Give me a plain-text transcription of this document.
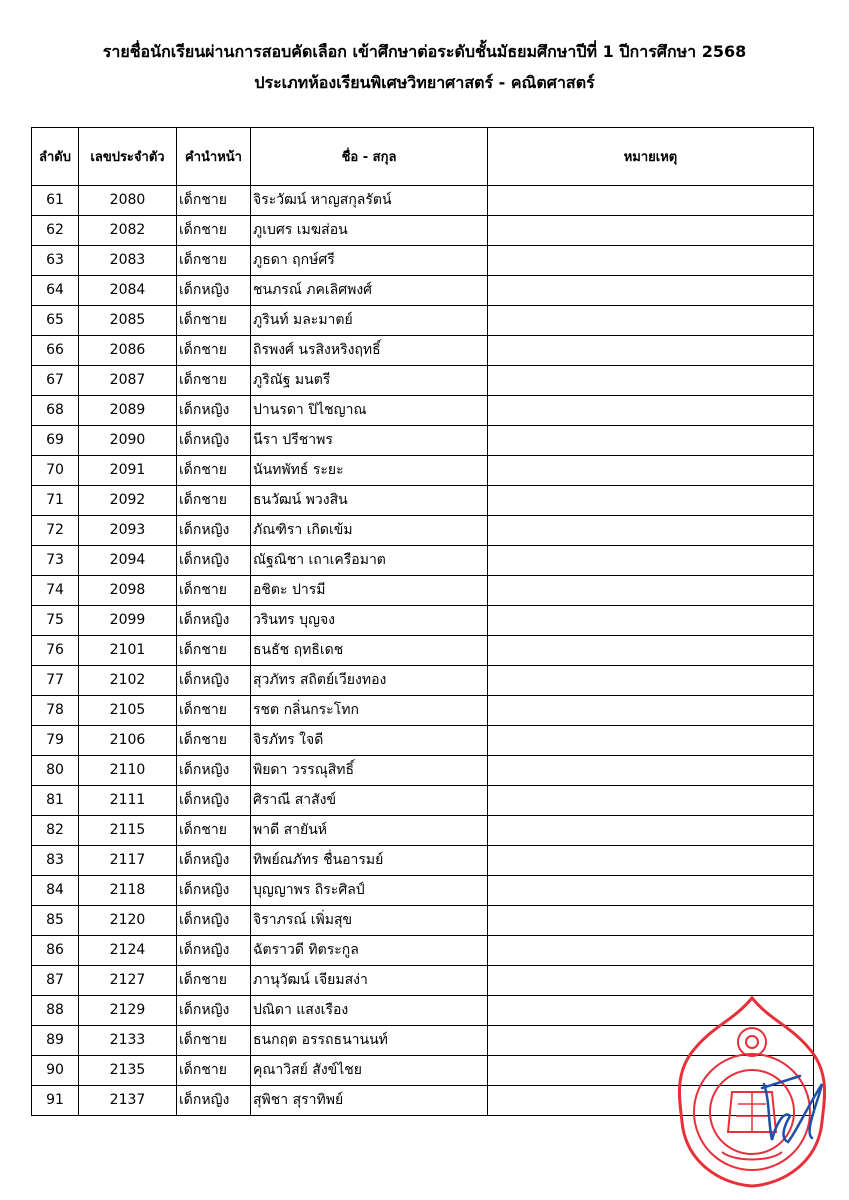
รายชื่อนักเรียนผ่านการสอบคัดเลือก เข้าศึกษาต่อระดับชั้นมัธยมศึกษาปีที่ 1 ปีการศึกษา 2568
ประเภทห้องเรียนพิเศษวิทยาศาสตร์ - คณิตศาสตร์
ลำดับ	เลขประจำตัว	คำนำหน้า	ชื่อ - สกุล	หมายเหตุ
61	2080	เด็กชาย	จิระวัฒน์ หาญสกุลรัตน์	
62	2082	เด็กชาย	ภูเบศร เมฆส่อน	
63	2083	เด็กชาย	ภูธดา ฤกษ์ศรี	
64	2084	เด็กหญิง	ชนภรณ์ ภคเลิศพงศ์	
65	2085	เด็กชาย	ภูรินท์ มละมาตย์	
66	2086	เด็กชาย	ถิรพงศ์ นรสิงหริงฤทธิ์	
67	2087	เด็กชาย	ภูริณัฐ มนตรี	
68	2089	เด็กหญิง	ปานรดา ปิไชญาณ	
69	2090	เด็กหญิง	นีรา ปรีชาพร	
70	2091	เด็กชาย	นันทพัทธ์ ระยะ	
71	2092	เด็กชาย	ธนวัฒน์ พวงสิน	
72	2093	เด็กหญิง	ภัณฑิรา เกิดเข้ม	
73	2094	เด็กหญิง	ณัฐณิชา เถาเครือมาต	
74	2098	เด็กชาย	อชิตะ ปารมี	
75	2099	เด็กหญิง	วรินทร บุญจง	
76	2101	เด็กชาย	ธนธัช ฤทธิเดช	
77	2102	เด็กหญิง	สุวภัทร สถิตย์เวียงทอง	
78	2105	เด็กชาย	รชต กลิ่นกระโทก	
79	2106	เด็กชาย	จิรภัทร ใจดี	
80	2110	เด็กหญิง	พิยดา วรรณุสิทธิ์	
81	2111	เด็กหญิง	ศิราณี สาสังข์	
82	2115	เด็กชาย	พาดี สายันห์	
83	2117	เด็กหญิง	ทิพย์ณภัทร ชื่นอารมย์	
84	2118	เด็กหญิง	บุญญาพร ถิระศิลป์	
85	2120	เด็กหญิง	จิราภรณ์ เพิ่มสุข	
86	2124	เด็กหญิง	ฉัตราวดี ทิตระกูล	
87	2127	เด็กชาย	ภานุวัฒน์ เจียมสง่า	
88	2129	เด็กหญิง	ปณิดา แสงเรือง	
89	2133	เด็กชาย	ธนกฤต อรรถธนานนท์	
90	2135	เด็กชาย	คุณาวิสย์ สังข์ไชย	
91	2137	เด็กหญิง	สุพิชา สุราทิพย์	
